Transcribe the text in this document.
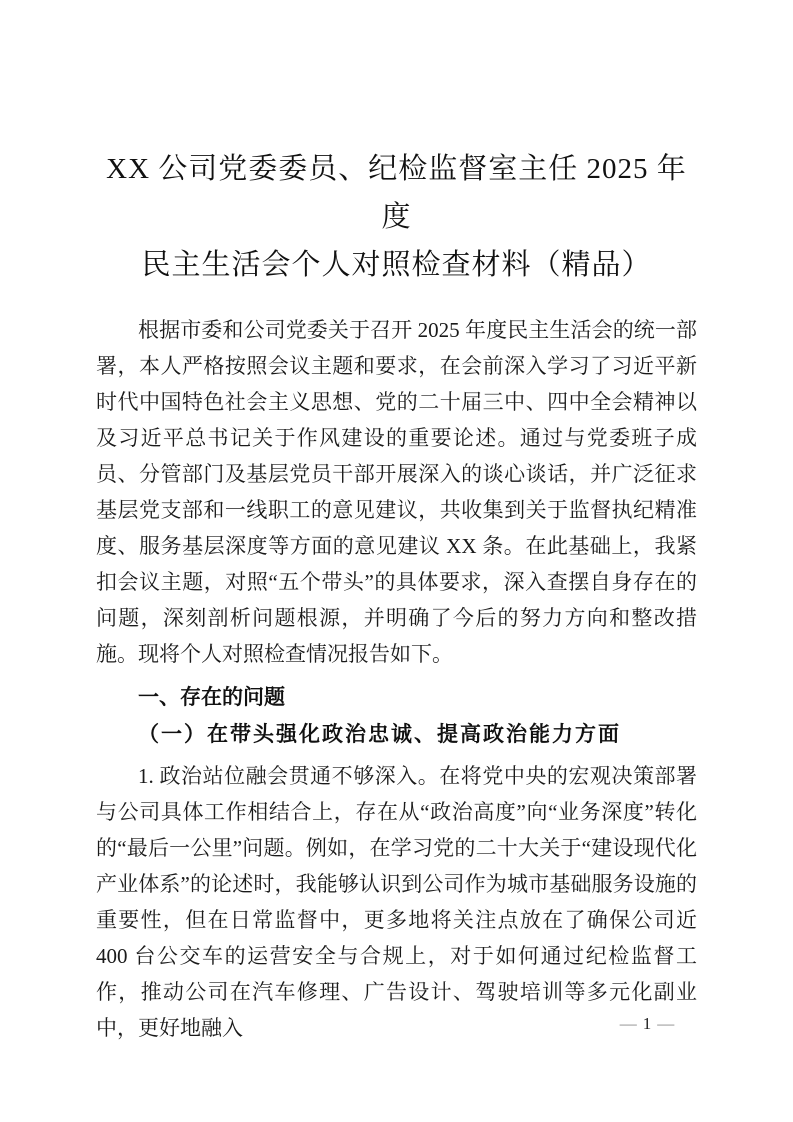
XX 公司党委委员、纪检监督室主任 2025 年度
民主生活会个人对照检查材料（精品）

根据市委和公司党委关于召开 2025 年度民主生活会的统一部署，本人严格按照会议主题和要求，在会前深入学习了习近平新时代中国特色社会主义思想、党的二十届三中、四中全会精神以及习近平总书记关于作风建设的重要论述。通过与党委班子成员、分管部门及基层党员干部开展深入的谈心谈话，并广泛征求基层党支部和一线职工的意见建议，共收集到关于监督执纪精准度、服务基层深度等方面的意见建议 XX 条。在此基础上，我紧扣会议主题，对照“五个带头”的具体要求，深入查摆自身存在的问题，深刻剖析问题根源，并明确了今后的努力方向和整改措施。现将个人对照检查情况报告如下。

一、存在的问题
（一）在带头强化政治忠诚、提高政治能力方面

1. 政治站位融会贯通不够深入。在将党中央的宏观决策部署与公司具体工作相结合上，存在从“政治高度”向“业务深度”转化的“最后一公里”问题。例如，在学习党的二十大关于“建设现代化产业体系”的论述时，我能够认识到公司作为城市基础服务设施的重要性，但在日常监督中，更多地将关注点放在了确保公司近 400 台公交车的运营安全与合规上，对于如何通过纪检监督工作，推动公司在汽车修理、广告设计、驾驶培训等多元化副业中，更好地融入	— 1 —
